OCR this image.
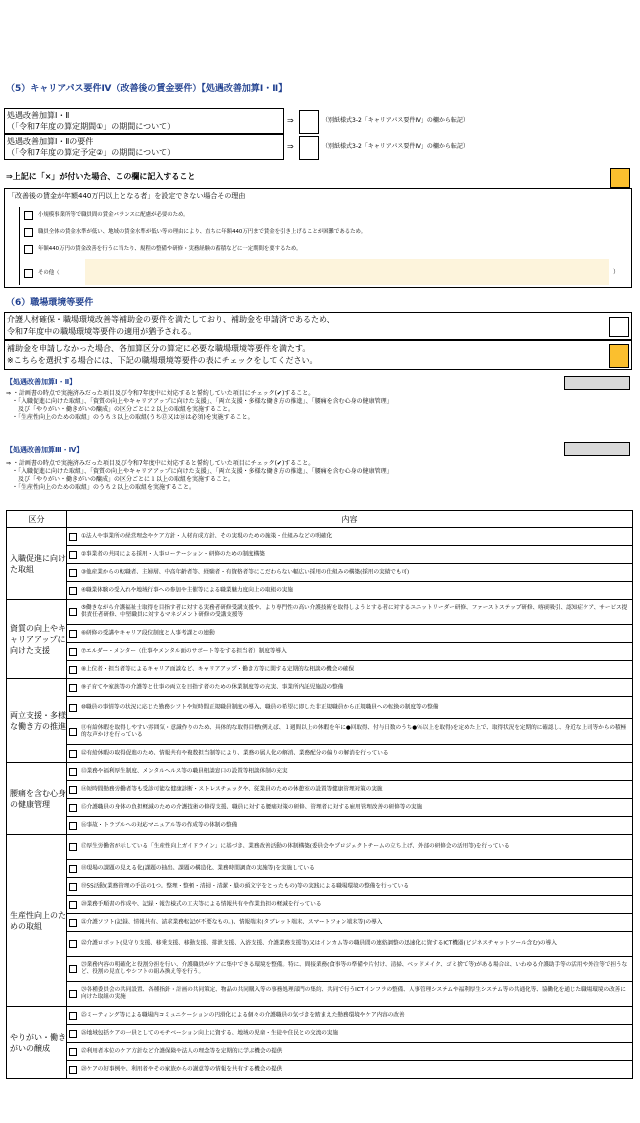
（5）キャリアパス要件Ⅳ（改善後の賃金要件）【処遇改善加算Ⅰ・Ⅱ】
処遇改善加算Ⅰ・Ⅱ
（「令和7年度の算定期間①」の期間について）
⇒	（別紙様式3-2「キャリアパス要件Ⅳ」の欄から転記）
処遇改善加算Ⅰ・Ⅱの要件
（「令和7年度の算定予定②」の期間について）
⇒	（別紙様式3-2「キャリアパス要件Ⅳ」の欄から転記）
⇒上記に「×」が付いた場合、この欄に記入すること
「改善後の賃金が年額440万円以上となる者」を設定できない場合その理由
小規模事業所等で職員間の賃金バランスに配慮が必要のため。
職員全体の賃金水準が低い、地域の賃金水準が低い等の理由により、直ちに年額440万円まで賃金を引き上げることが困難であるため。
年額440万円の賃金改善を行うに当たり、規程の整備や研修・実務経験の蓄積などに一定期間を要するため。
その他（	）
（6）職場環境等要件
介護人材確保・職場環境改善等補助金の要件を満たしており、補助金を申請済であるため、
令和7年度中の職場環境等要件の適用が猶予される。
補助金を申請しなかった場合、各加算区分の算定に必要な職場環境等要件を満たす。
※こちらを選択する場合には、下記の職場環境等要件の表にチェックをしてください。
【処遇改善加算Ⅰ・Ⅱ】
⇒ ・計画書の時点で実施済みだった項目及び令和7年度中に対応すると誓約していた項目にチェック(✔)すること。
　・「入職促進に向けた取組」、「資質の向上やキャリアアップに向けた支援」、「両立支援・多様な働き方の推進」、「腰痛を含む心身の健康管理」
　　及び「やりがい・働きがいの醸成」の区分ごとに２以上の取組を実施すること。
　・「生産性向上のための取組」のうち３以上の取組(うち⑰又は⑱は必須)を実施すること。
【処遇改善加算Ⅲ・Ⅳ】
⇒ ・計画書の時点で実施済みだった項目及び令和7年度中に対応すると誓約していた項目にチェック(✔)すること。
　・「入職促進に向けた取組」、「資質の向上やキャリアアップに向けた支援」、「両立支援・多様な働き方の推進」、「腰痛を含む心身の健康管理」
　　及び「やりがい・働きがいの醸成」の区分ごとに１以上の取組を実施すること。
　・「生産性向上のための取組」のうち２以上の取組を実施すること。
区分	内容
入職促進に向けた取組	①法人や事業所の経営理念やケア方針・人材育成方針、その実現のための施策・仕組みなどの明確化

	②事業者の共同による採用・人事ローテーション・研修のための制度構築

	③他産業からの転職者、主婦層、中高年齢者等、経験者・有資格者等にこだわらない幅広い採用の仕組みの構築(採用の実績でも可)

	④職業体験の受入れや地域行事への参加や主催等による職業魅力度向上の取組の実施

資質の向上やキャリアアップに向けた支援	⑤働きながら介護福祉士取得を目指す者に対する実務者研修受講支援や、より専門性の高い介護技術を取得しようとする者に対するユニットリーダー研修、ファーストステップ研修、喀痰吸引、認知症ケア、サービス提供責任者研修、中堅職員に対するマネジメント研修の受講支援等

	⑥研修の受講やキャリア段位制度と人事考課との連動

	⑦エルダー・メンター（仕事やメンタル面のサポート等をする担当者）制度等導入

	⑧上位者・担当者等によるキャリア面談など、キャリアアップ・働き方等に関する定期的な相談の機会の確保

両立支援・多様な働き方の推進	⑨子育てや家族等の介護等と仕事の両立を目指す者のための休業制度等の充実、事業所内託児施設の整備

	⑩職員の事情等の状況に応じた勤務シフトや短時間正規職員制度の導入、職員の希望に即した非正規職員から正規職員への転換の制度等の整備

	⑪有給休暇を取得しやすい雰囲気・意識作りのため、具体的な取得目標(例えば、１週間以上の休暇を年に●回取得、付与日数のうち●％以上を取得)を定めた上で、取得状況を定期的に確認し、身近な上司等からの積極的な声かけを行っている

	⑫有給休暇の取得促進のため、情報共有や複数担当制等により、業務の属人化の解消、業務配分の偏りの解消を行っている

腰痛を含む心身の健康管理	⑬業務や福利厚生制度、メンタルヘルス等の職員相談窓口の設置等相談体制の充実

	⑭短時間勤務労働者等も受診可能な健康診断・ストレスチェックや、従業員のための休憩室の設置等健康管理対策の実施

	⑮介護職員の身体の負担軽減のための介護技術の修得支援、職員に対する腰痛対策の研修、管理者に対する雇用管理改善の研修等の実施

	⑯事故・トラブルへの対応マニュアル等の作成等の体制の整備

生産性向上のための取組	⑰厚生労働省が示している「生産性向上ガイドライン」に基づき、業務改善活動の体制構築(委員会やプロジェクトチームの立ち上げ、外部の研修会の活用等)を行っている

	⑱現場の課題の見える化(課題の抽出、課題の構造化、業務時間調査の実施等)を実施している

	⑲5S活動(業務管理の手法の1つ。整理・整頓・清掃・清潔・躾の頭文字をとったもの)等の実践による職場環境の整備を行っている

	⑳業務手順書の作成や、記録・報告様式の工夫等による情報共有や作業負担の軽減を行っている

	㉑介護ソフト(記録、情報共有、請求業務転記が不要なもの。)、情報端末(タブレット端末、スマートフォン端末等)の導入

	㉒介護ロボット(見守り支援、移乗支援、移動支援、排泄支援、入浴支援、介護業務支援等)又はインカム等の職員間の連絡調整の迅速化に資するICT機器(ビジネスチャットツール含む)の導入

	㉓業務内容の明確化と役割分担を行い、介護職員がケアに集中できる環境を整備。特に、間接業務(食事等の準備や片付け、清掃、ベッドメイク、ゴミ捨て等)がある場合は、いわゆる介護助手等の活用や外注等で担うなど、役割の見直しやシフトの組み換え等を行う。

	㉔各種委員会の共同設置、各種指針・計画の共同策定、物品の共同購入等の事務処理部門の集約、共同で行うICTインフラの整備、人事管理システムや福利厚生システム等の共通化等、協働化を通じた職場環境の改善に向けた取組の実施

やりがい・働きがいの醸成	㉕ミーティング等による職場内コミュニケーションの円滑化による個々の介護職員の気づきを踏まえた勤務環境やケア内容の改善

	㉖地域包括ケアの一員としてのモチベーション向上に資する、地域の児童・生徒や住民との交流の実施

	㉗利用者本位のケア方針など介護保険や法人の理念等を定期的に学ぶ機会の提供

	㉘ケアの好事例や、利用者やその家族からの謝意等の情報を共有する機会の提供
